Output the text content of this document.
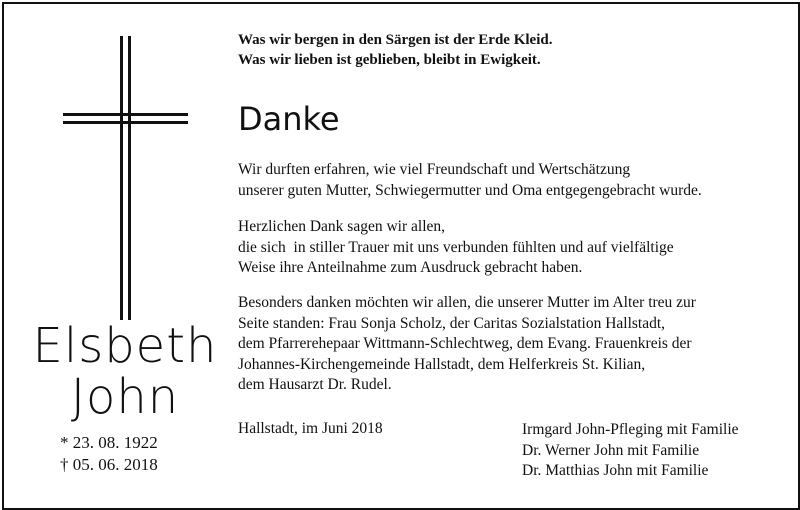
Elsbeth
John
* 23. 08. 1922
† 05. 06. 2018
Was wir bergen in den Särgen ist der Erde Kleid.
Was wir lieben ist geblieben, bleibt in Ewigkeit.
Danke
Wir durften erfahren, wie viel Freundschaft und Wertschätzung
unserer guten Mutter, Schwiegermutter und Oma entgegengebracht wurde.
Herzlichen Dank sagen wir allen,
die sich  in stiller Trauer mit uns verbunden fühlten und auf vielfältige
Weise ihre Anteilnahme zum Ausdruck gebracht haben.
Besonders danken möchten wir allen, die unserer Mutter im Alter treu zur
Seite standen: Frau Sonja Scholz, der Caritas Sozialstation Hallstadt,
dem Pfarrerehepaar Wittmann-Schlechtweg, dem Evang. Frauenkreis der
Johannes-Kirchengemeinde Hallstadt, dem Helferkreis St. Kilian,
dem Hausarzt Dr. Rudel.
Hallstadt, im Juni 2018	Irmgard John-Pfleging mit Familie
Dr. Werner John mit Familie
Dr. Matthias John mit Familie
